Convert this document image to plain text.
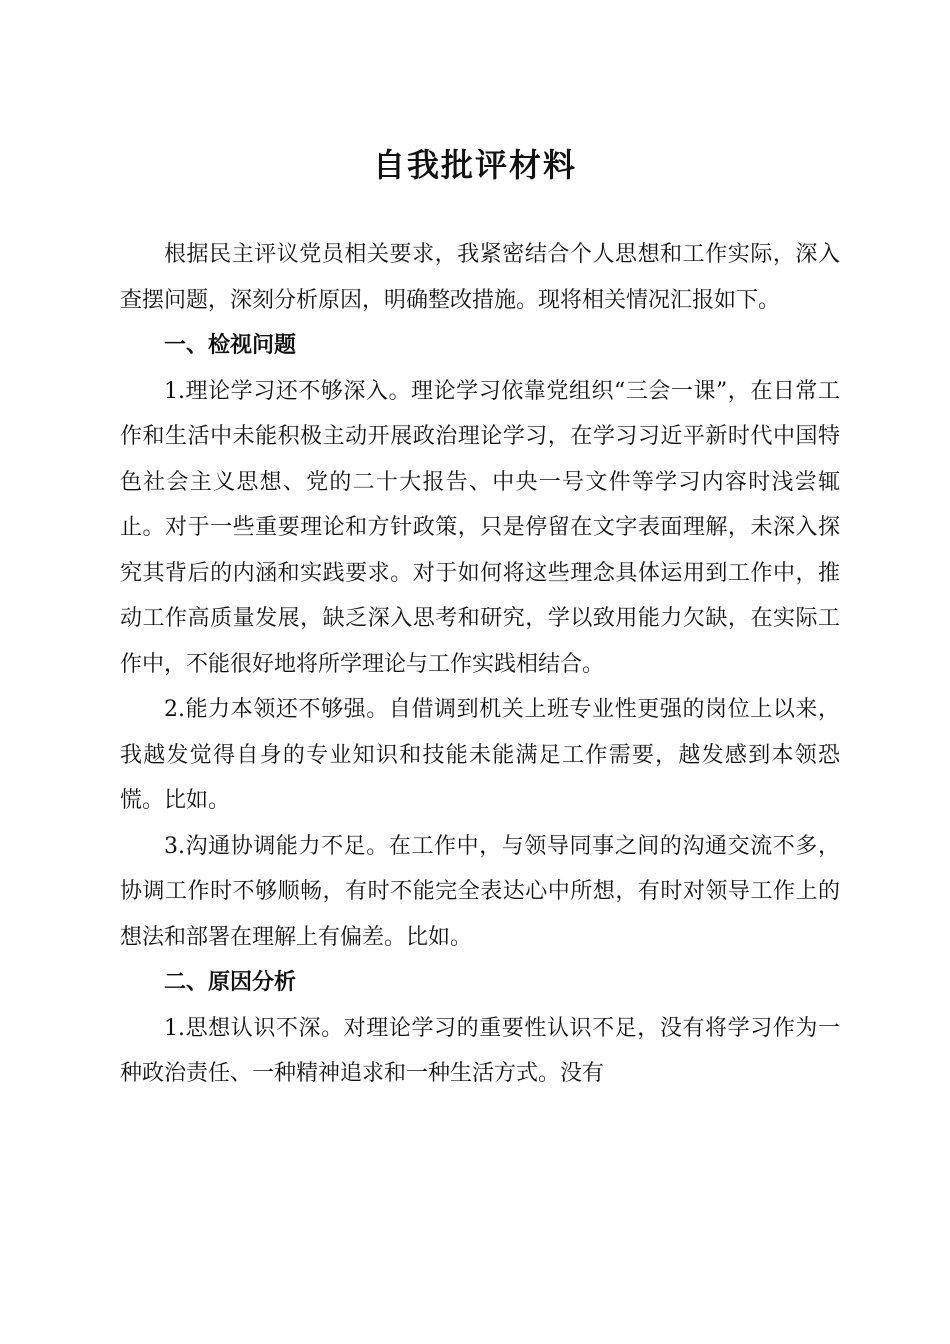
自我批评材料

根据民主评议党员相关要求，我紧密结合个人思想和工作实际，深入查摆问题，深刻分析原因，明确整改措施。现将相关情况汇报如下。

一、检视问题

1.理论学习还不够深入。理论学习依靠党组织“三会一课”，在日常工作和生活中未能积极主动开展政治理论学习，在学习习近平新时代中国特色社会主义思想、党的二十大报告、中央一号文件等学习内容时浅尝辄止。对于一些重要理论和方针政策，只是停留在文字表面理解，未深入探究其背后的内涵和实践要求。对于如何将这些理念具体运用到工作中，推动工作高质量发展，缺乏深入思考和研究，学以致用能力欠缺，在实际工作中，不能很好地将所学理论与工作实践相结合。

2.能力本领还不够强。自借调到机关上班专业性更强的岗位上以来，我越发觉得自身的专业知识和技能未能满足工作需要，越发感到本领恐慌。比如。

3.沟通协调能力不足。在工作中，与领导同事之间的沟通交流不多，协调工作时不够顺畅，有时不能完全表达心中所想，有时对领导工作上的想法和部署在理解上有偏差。比如。

二、原因分析

1.思想认识不深。对理论学习的重要性认识不足，没有将学习作为一种政治责任、一种精神追求和一种生活方式。没有
